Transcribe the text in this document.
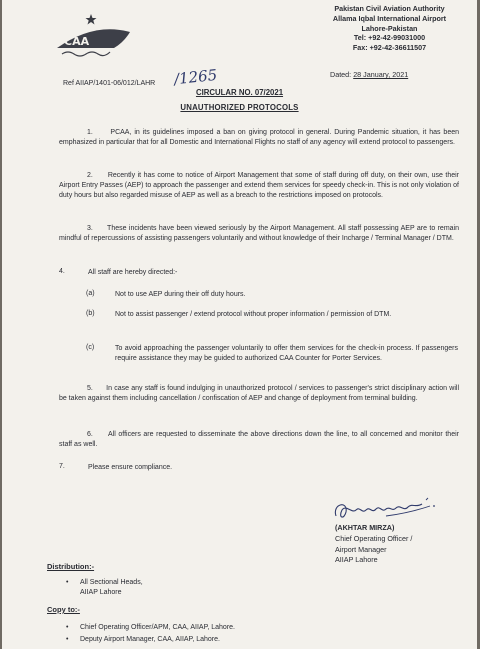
CAA
Pakistan Civil Aviation Authority
Allama Iqbal International Airport
Lahore-Pakistan
Tel: +92-42-99031000
Fax: +92-42-36611507
Ref AIIAP/1401-06/012/LAHR /1265	Dated: 28 January, 2021
CIRCULAR NO. 07/2021
UNAUTHORIZED PROTOCOLS
1.	PCAA, in its guidelines imposed a ban on giving protocol in general. During Pandemic situation, it has been emphasized in particular that for all Domestic and International Flights no staff of any agency will extend protocol to passengers.
2. Recently it has come to notice of Airport Management that some of staff during off duty, on their own, use their Airport Entry Passes (AEP) to approach the passenger and extend them services for speedy check-in. This is not only violation of duty hours but also regarded misuse of AEP as well as a breach to the restrictions imposed on protocols.
3. These incidents have been viewed seriously by the Airport Management. All staff possessing AEP are to remain mindful of repercussions of assisting passengers voluntarily and without knowledge of their Incharge / Terminal Manager / DTM.
4.	All staff are hereby directed:-
(a)	Not to use AEP during their off duty hours.
(b)	Not to assist passenger / extend protocol without proper information / permission of DTM.
(c)	To avoid approaching the passenger voluntarily to offer them services for the check-in process. If passengers require assistance they may be guided to authorized CAA Counter for Porter Services.
5. In case any staff is found indulging in unauthorized protocol / services to passenger's strict disciplinary action will be taken against them including cancellation / confiscation of AEP and change of deployment from terminal building.
6. All officers are requested to disseminate the above directions down the line, to all concerned and monitor their staff as well.
7.	Please ensure compliance.
(AKHTAR MIRZA)
Chief Operating Officer /
Airport Manager
AIIAP Lahore
Distribution:-
• All Sectional Heads,
AIIAP Lahore
Copy to:-
• Chief Operating Officer/APM, CAA, AIIAP, Lahore.
• Deputy Airport Manager, CAA, AIIAP, Lahore.
